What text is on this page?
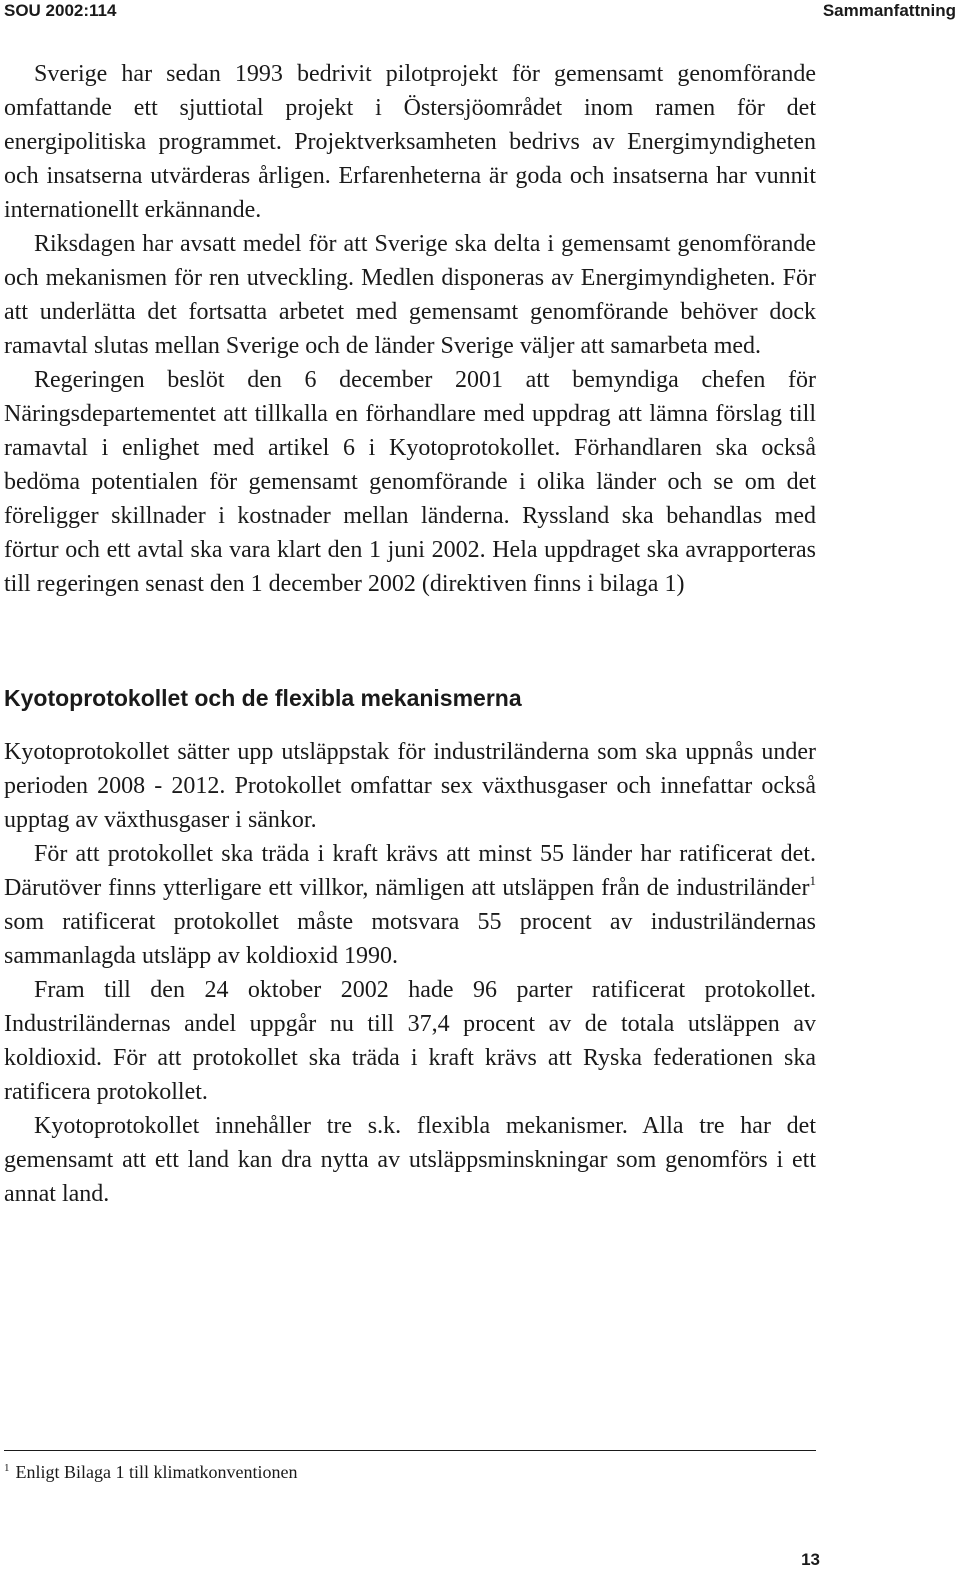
SOU 2002:114	Sammanfattning

Sverige har sedan 1993 bedrivit pilotprojekt för gemensamt genomförande omfattande ett sjuttiotal projekt i Östersjöområdet inom ramen för det energipolitiska programmet. Projektverksamheten bedrivs av Energimyndigheten och insatserna utvärderas årligen. Erfarenheterna är goda och insatserna har vunnit internationellt erkännande.

Riksdagen har avsatt medel för att Sverige ska delta i gemensamt genomförande och mekanismen för ren utveckling. Medlen disponeras av Energimyndigheten. För att underlätta det fortsatta arbetet med gemensamt genomförande behöver dock ramavtal slutas mellan Sverige och de länder Sverige väljer att samarbeta med.

Regeringen beslöt den 6 december 2001 att bemyndiga chefen för Näringsdepartementet att tillkalla en förhandlare med uppdrag att lämna förslag till ramavtal i enlighet med artikel 6 i Kyotoprotokollet. Förhandlaren ska också bedöma potentialen för gemensamt genomförande i olika länder och se om det föreligger skillnader i kostnader mellan länderna. Ryssland ska behandlas med förtur och ett avtal ska vara klart den 1 juni 2002. Hela uppdraget ska avrapporteras till regeringen senast den 1 december 2002 (direktiven finns i bilaga 1)

Kyotoprotokollet och de flexibla mekanismerna

Kyotoprotokollet sätter upp utsläppstak för industriländerna som ska uppnås under perioden 2008 - 2012. Protokollet omfattar sex växthusgaser och innefattar också upptag av växthusgaser i sänkor.

För att protokollet ska träda i kraft krävs att minst 55 länder har ratificerat det. Därutöver finns ytterligare ett villkor, nämligen att utsläppen från de industriländer$^1$ som ratificerat protokollet måste motsvara 55 procent av industriländernas sammanlagda utsläpp av koldioxid 1990.

Fram till den 24 oktober 2002 hade 96 parter ratificerat protokollet. Industriländernas andel uppgår nu till 37,4 procent av de totala utsläppen av koldioxid. För att protokollet ska träda i kraft krävs att Ryska federationen ska ratificera protokollet.

Kyotoprotokollet innehåller tre s.k. flexibla mekanismer. Alla tre har det gemensamt att ett land kan dra nytta av utsläppsminskningar som genomförs i ett annat land.

$^1$ Enligt Bilaga 1 till klimatkonventionen
13
